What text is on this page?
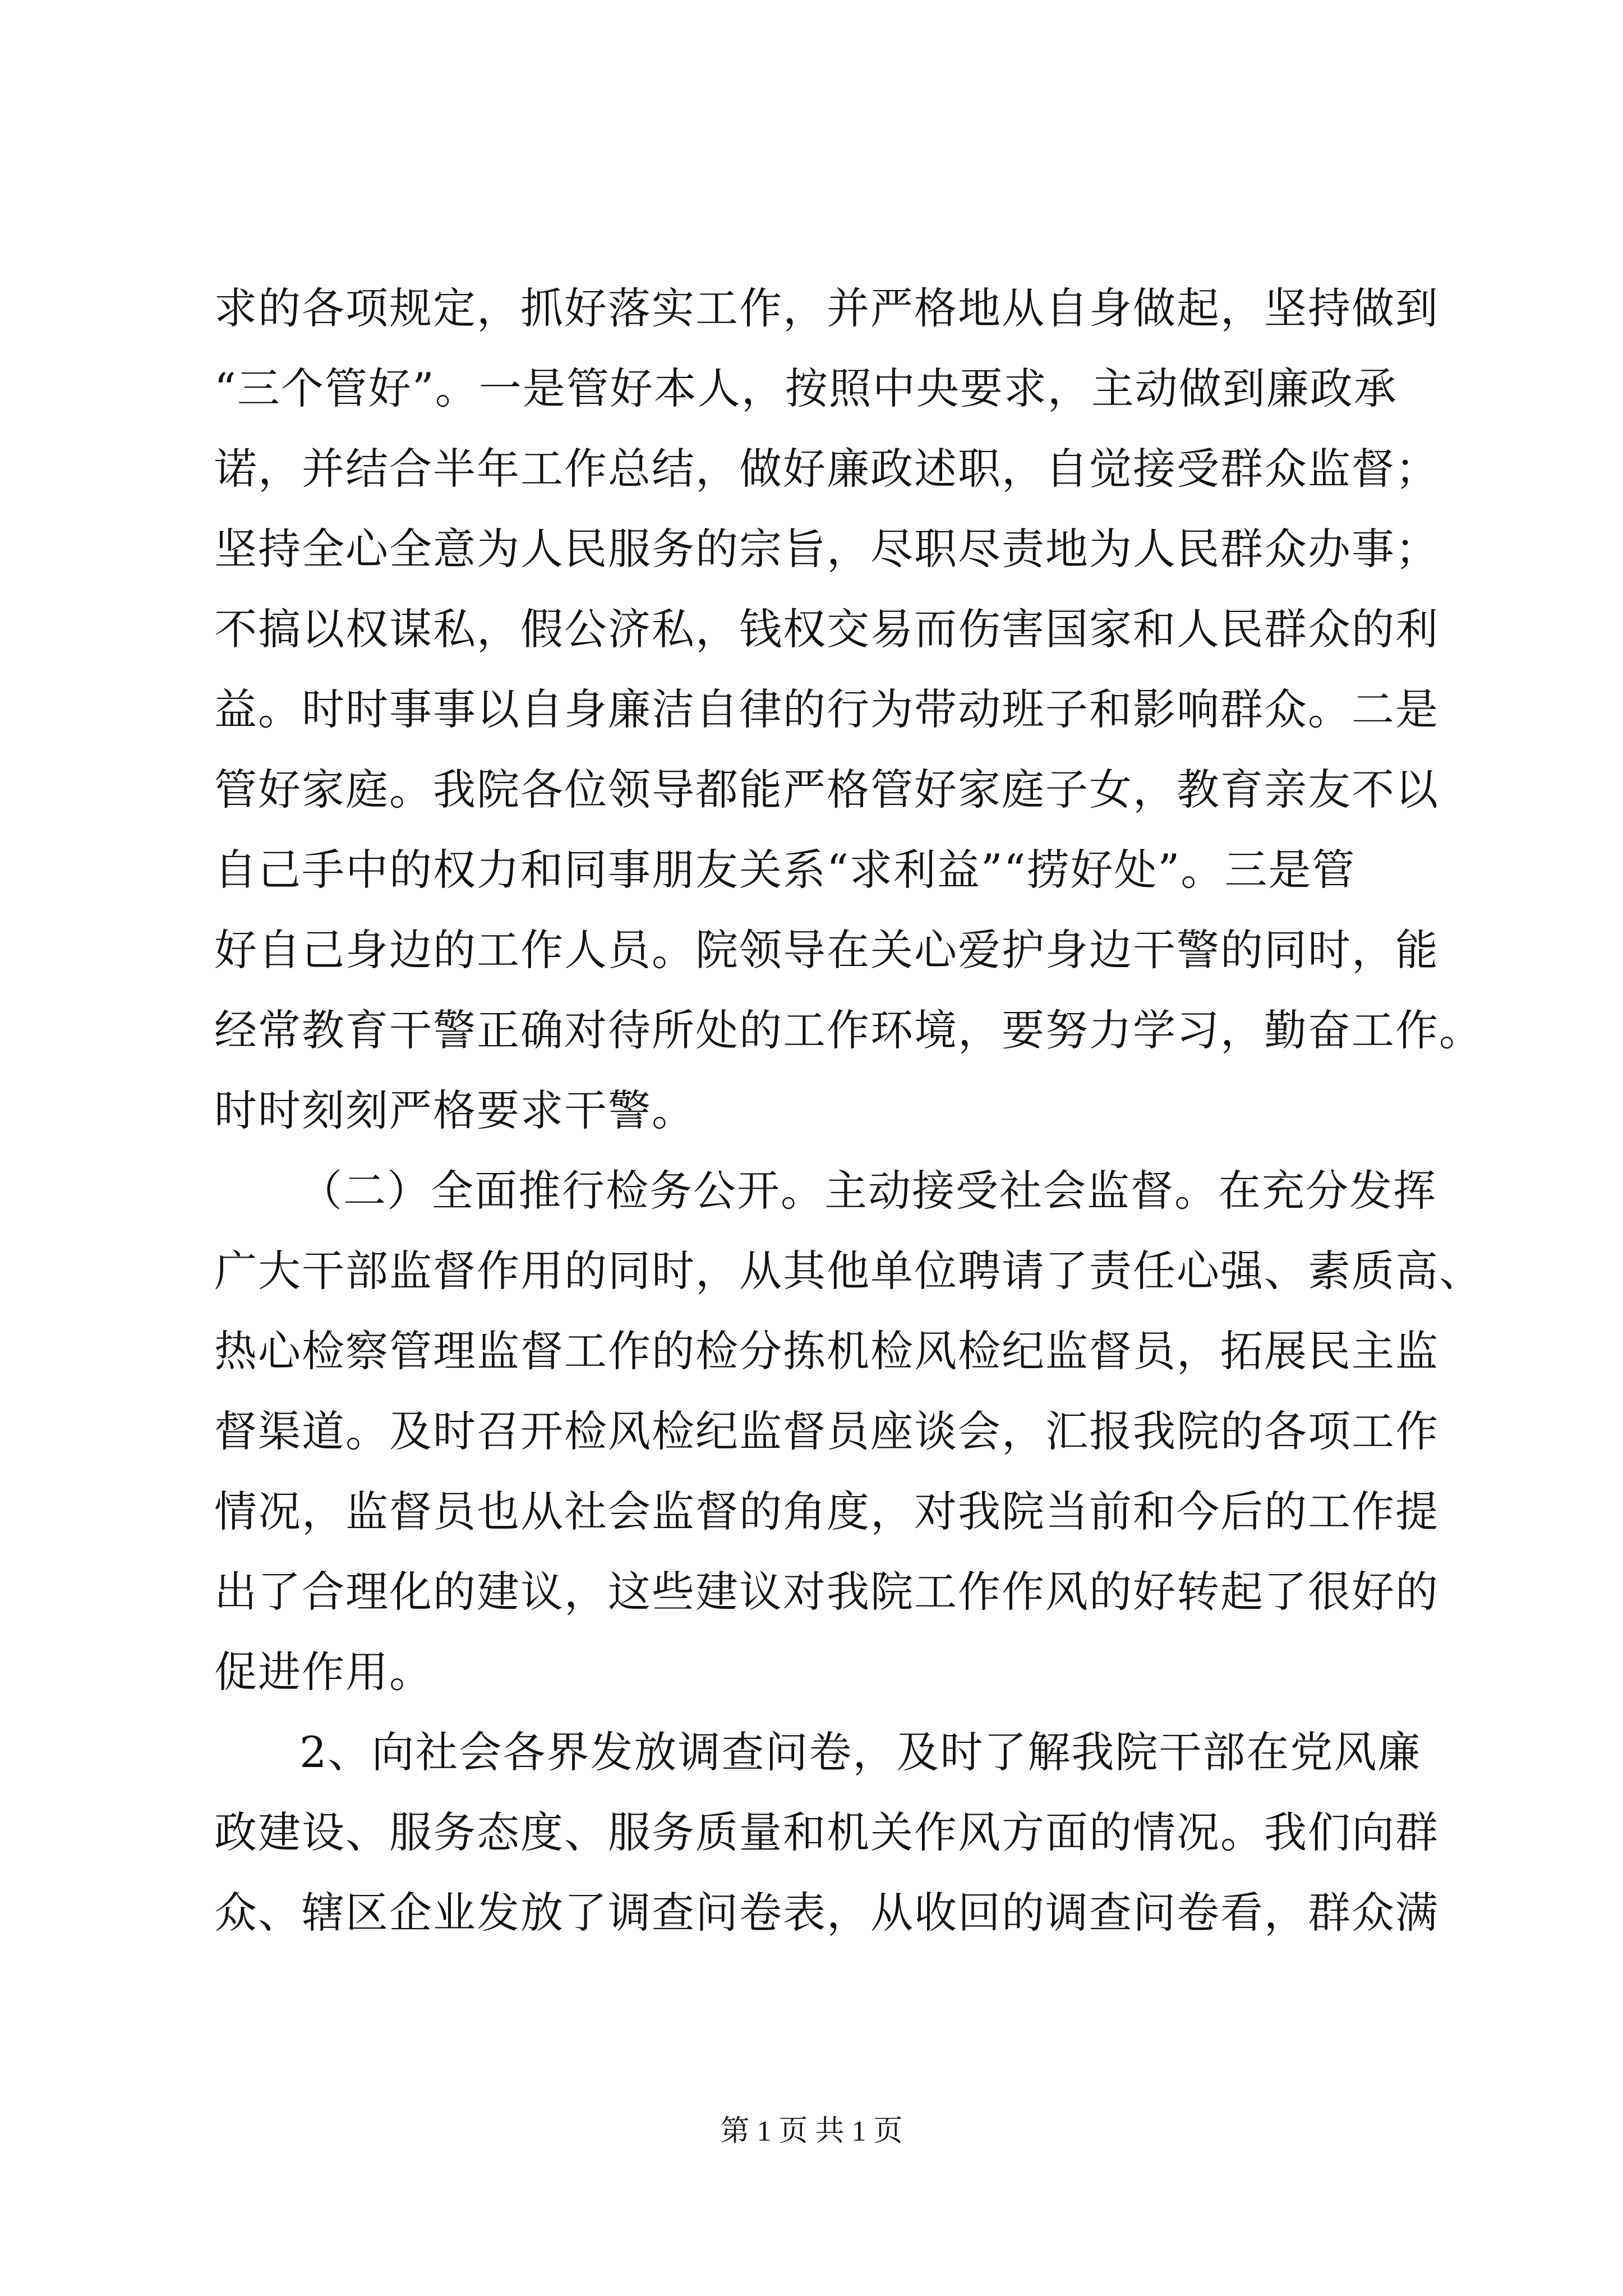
求的各项规定，抓好落实工作，并严格地从自身做起，坚持做到
“三个管好”。一是管好本人，按照中央要求，主动做到廉政承
诺，并结合半年工作总结，做好廉政述职，自觉接受群众监督；
坚持全心全意为人民服务的宗旨，尽职尽责地为人民群众办事；
不搞以权谋私，假公济私，钱权交易而伤害国家和人民群众的利
益。时时事事以自身廉洁自律的行为带动班子和影响群众。二是
管好家庭。我院各位领导都能严格管好家庭子女，教育亲友不以
自己手中的权力和同事朋友关系“求利益”“捞好处”。三是管
好自己身边的工作人员。院领导在关心爱护身边干警的同时，能
经常教育干警正确对待所处的工作环境，要努力学习，勤奋工作。
时时刻刻严格要求干警。
（二）全面推行检务公开。主动接受社会监督。在充分发挥
广大干部监督作用的同时，从其他单位聘请了责任心强、素质高、
热心检察管理监督工作的检分拣机检风检纪监督员，拓展民主监
督渠道。及时召开检风检纪监督员座谈会，汇报我院的各项工作
情况，监督员也从社会监督的角度，对我院当前和今后的工作提
出了合理化的建议，这些建议对我院工作作风的好转起了很好的
促进作用。
2、向社会各界发放调查问卷，及时了解我院干部在党风廉
政建设、服务态度、服务质量和机关作风方面的情况。我们向群
众、辖区企业发放了调查问卷表，从收回的调查问卷看，群众满
第 1 页 共 1 页
